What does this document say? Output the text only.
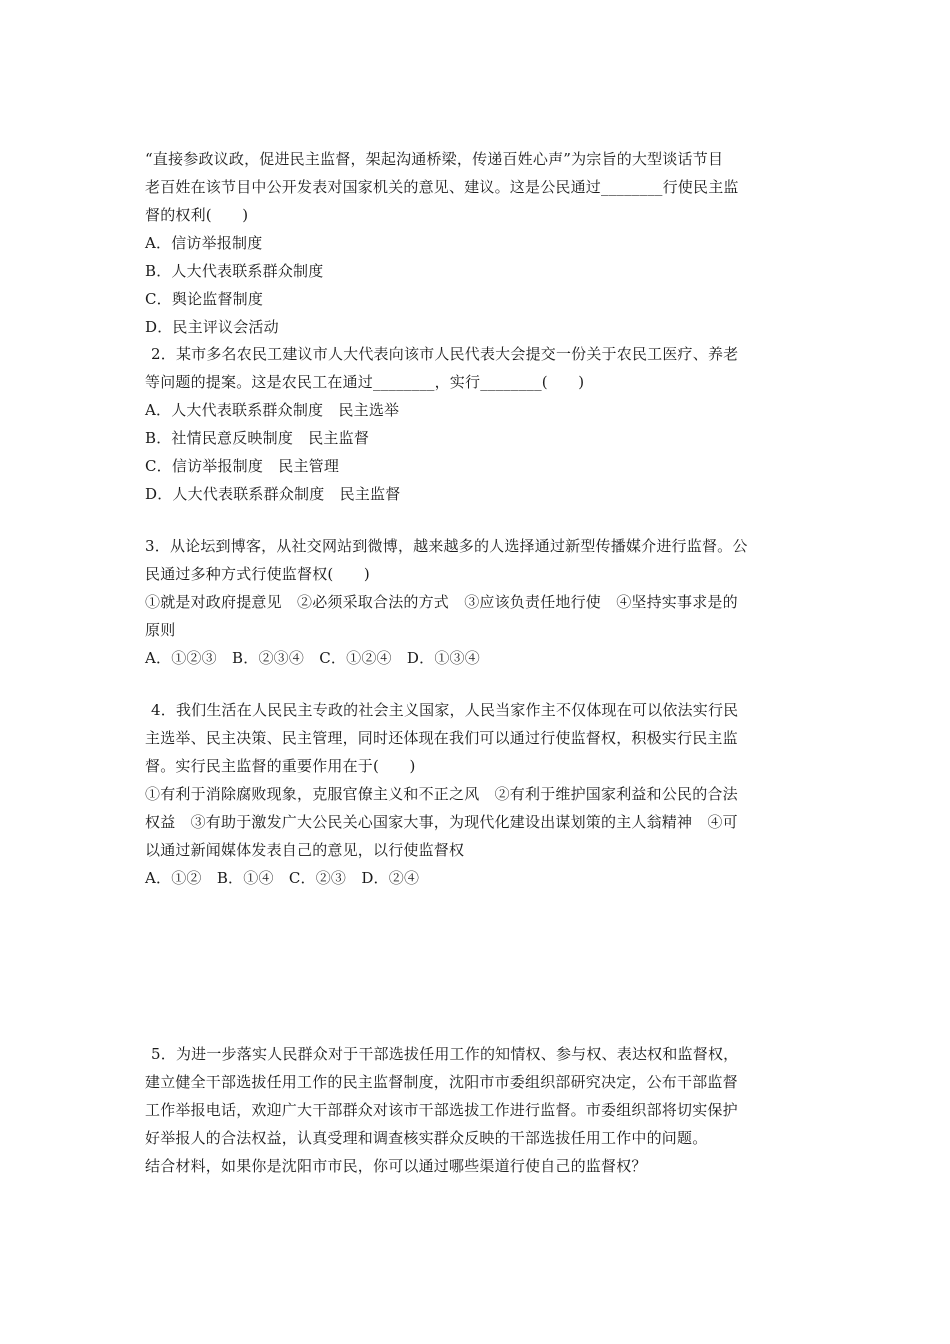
“直接参政议政，促进民主监督，架起沟通桥梁，传递百姓心声”为宗旨的大型谈话节目
老百姓在该节目中公开发表对国家机关的意见、建议。这是公民通过________行使民主监
督的权利(　　)
A．信访举报制度
B．人大代表联系群众制度
C．舆论监督制度
D．民主评议会活动
2．某市多名农民工建议市人大代表向该市人民代表大会提交一份关于农民工医疗、养老
等问题的提案。这是农民工在通过________，实行________(　　)
A．人大代表联系群众制度　民主选举
B．社情民意反映制度　民主监督
C．信访举报制度　民主管理
D．人大代表联系群众制度　民主监督
3．从论坛到博客，从社交网站到微博，越来越多的人选择通过新型传播媒介进行监督。公
民通过多种方式行使监督权(　　)
①就是对政府提意见　②必须采取合法的方式　③应该负责任地行使　④坚持实事求是的
原则
A．①②③　B．②③④　C．①②④　D．①③④
4．我们生活在人民民主专政的社会主义国家，人民当家作主不仅体现在可以依法实行民
主选举、民主决策、民主管理，同时还体现在我们可以通过行使监督权，积极实行民主监
督。实行民主监督的重要作用在于(　　)
①有利于消除腐败现象，克服官僚主义和不正之风　②有利于维护国家利益和公民的合法
权益　③有助于激发广大公民关心国家大事，为现代化建设出谋划策的主人翁精神　④可
以通过新闻媒体发表自己的意见，以行使监督权
A．①②　B．①④　C．②③　D．②④
5．为进一步落实人民群众对于干部选拔任用工作的知情权、参与权、表达权和监督权，
建立健全干部选拔任用工作的民主监督制度，沈阳市市委组织部研究决定，公布干部监督
工作举报电话，欢迎广大干部群众对该市干部选拔工作进行监督。市委组织部将切实保护
好举报人的合法权益，认真受理和调查核实群众反映的干部选拔任用工作中的问题。
结合材料，如果你是沈阳市市民，你可以通过哪些渠道行使自己的监督权？
